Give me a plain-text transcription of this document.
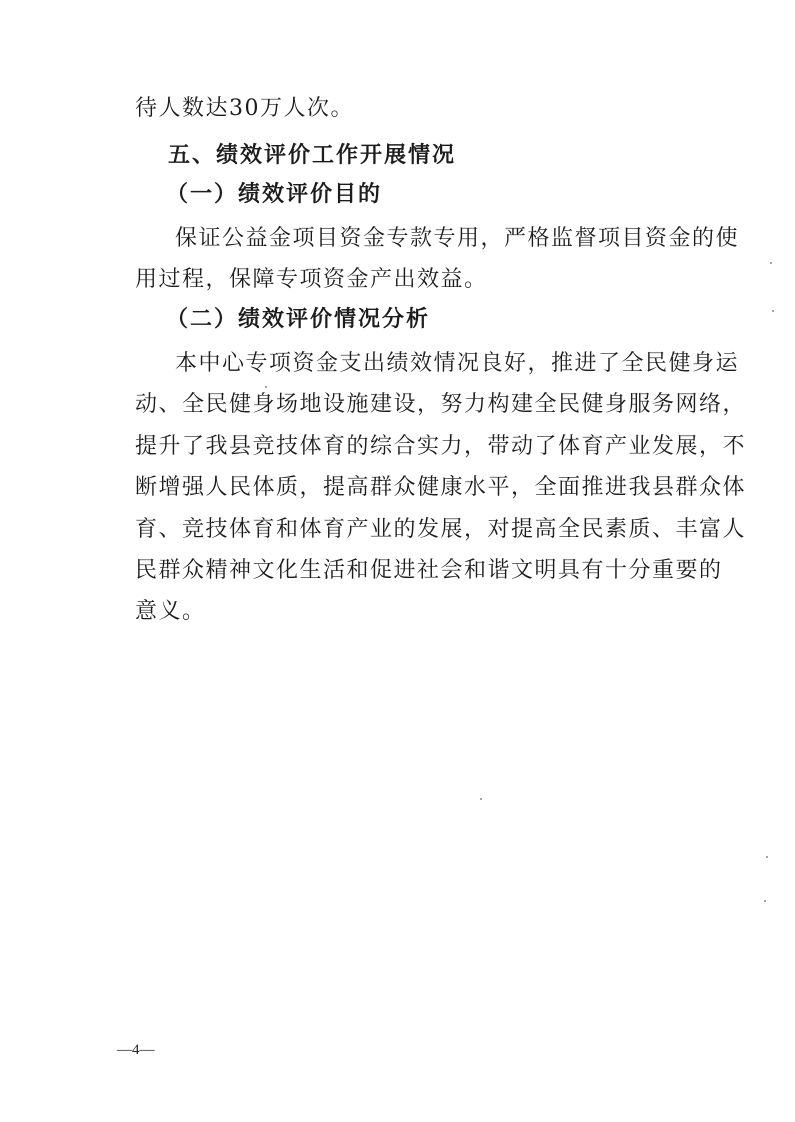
待人数达30万人次。
五、绩效评价工作开展情况
（一）绩效评价目的
保证公益金项目资金专款专用，严格监督项目资金的使
用过程，保障专项资金产出效益。
（二）绩效评价情况分析
本中心专项资金支出绩效情况良好，推进了全民健身运
动、全民健身场地设施建设，努力构建全民健身服务网络，
提升了我县竞技体育的综合实力，带动了体育产业发展，不
断增强人民体质，提高群众健康水平，全面推进我县群众体
育、竞技体育和体育产业的发展，对提高全民素质、丰富人
民群众精神文化生活和促进社会和谐文明具有十分重要的
意义。
—4—
